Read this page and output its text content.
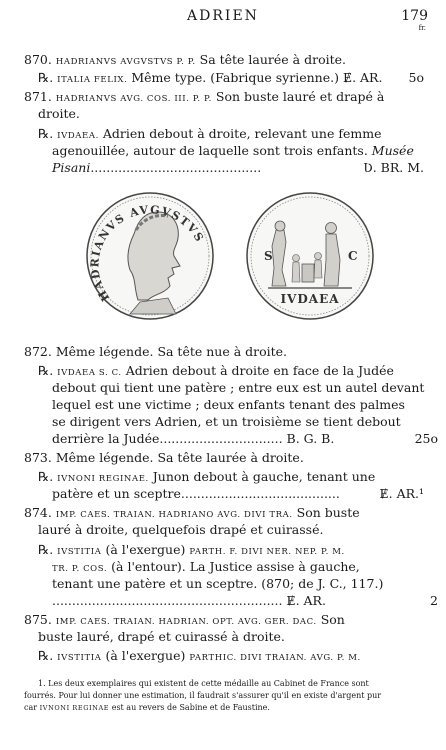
ADRIEN	179
fr.
870. HADRIANVS AVGVSTVS P. P. Sa tête laurée à droite.
℞. ITALIA FELIX. Même type. (Fabrique syrienne.) Ɇ. AR. 5o
871. HADRIANVS AVG. COS. III. P. P. Son buste lauré et drapé à
droite.
℞. IVDAEA. Adrien debout à droite, relevant une femme
agenouillée, autour de laquelle sont trois enfants. Musée
Pisani...........................................	Ʋ. BR. M.
HADRIANVS AVGVSTVS
S	C
IVDAEA
872. Même légende. Sa tête nue à droite.
℞. IVDAEA S. C. Adrien debout à droite en face de la Judée
debout qui tient une patère ; entre eux est un autel devant
lequel est une victime ; deux enfants tenant des palmes
se dirigent vers Adrien, et un troisième se tient debout
derrière la Judée............................... B. G. B.	25o
873. Même légende. Sa tête laurée à droite.
℞. IVNONI REGINAE. Junon debout à gauche, tenant une
patère et un sceptre........................................	Ɇ. AR.¹
874. IMP. CAES. TRAIAN. HADRIANO AVG. DIVI TRA. Son buste
lauré à droite, quelquefois drapé et cuirassé.
℞. IVSTITIA (à l'exergue) PARTH. F. DIVI NER. NEP. P. M.
TR. P. COS. (à l'entour). La Justice assise à gauche,
tenant une patère et un sceptre. (870; de J. C., 117.)
.......................................................... Ɇ. AR.	2
875. IMP. CAES. TRAIAN. HADRIAN. OPT. AVG. GER. DAC. Son
buste lauré, drapé et cuirassé à droite.
℞. IVSTITIA (à l'exergue) PARTHIC. DIVI TRAIAN. AVG. P. M.
1. Les deux exemplaires qui existent de cette médaille au Cabinet de France sont
fourrés. Pour lui donner une estimation, il faudrait s'assurer qu'il en existe d'argent pur
car IVNONI REGINAE est au revers de Sabine et de Faustine.
